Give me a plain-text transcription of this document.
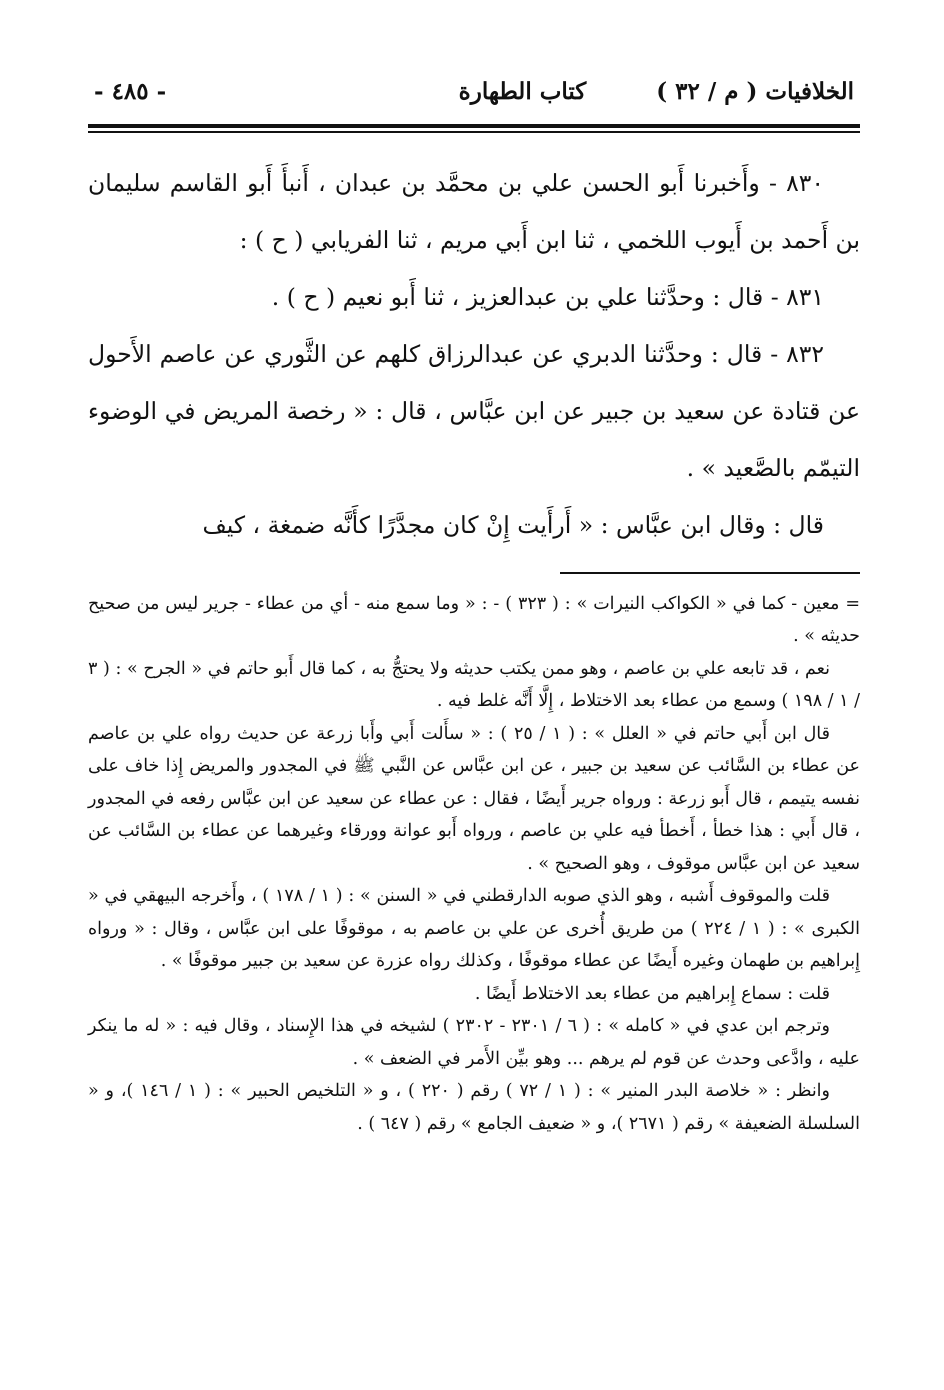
الخلافيات ( م / ٣٢ )
كتاب الطهارة
- ٤٨٥ -

٨٣٠ - وأَخبرنا أَبو الحسن علي بن محمَّد بن عبدان ، أَنبأَ أَبو القاسم سليمان بن أَحمد بن أَيوب اللخمي ، ثنا ابن أَبي مريم ، ثنا الفريابي ( ح ) :

٨٣١ - قال : وحدَّثنا علي بن عبدالعزيز ، ثنا أَبو نعيم ( ح ) .

٨٣٢ - قال : وحدَّثنا الدبري عن عبدالرزاق كلهم عن الثَّوري عن عاصم الأَحول عن قتادة عن سعيد بن جبير عن ابن عبَّاس ، قال : « رخصة المريض في الوضوء التيمّم بالصَّعيد » .

قال : وقال ابن عبَّاس : « أَرأَيت إِنْ كان مجدَّرًا كأَنَّه ضمغة ، كيف

= معين - كما في « الكواكب النيرات » : ( ٣٢٣ ) - : « وما سمع منه - أي من عطاء - جرير ليس من صحيح حديثه » .

نعم ، قد تابعه علي بن عاصم ، وهو ممن يكتب حديثه ولا يحتجُّ به ، كما قال أَبو حاتم في « الجرح » : ( ٣ / ١ / ١٩٨ ) وسمع من عطاء بعد الاختلاط ، إِلَّا أَنَّه غلط فيه .

قال ابن أَبي حاتم في « العلل » : ( ١ / ٢٥ ) : « سأَلت أَبي وأَبا زرعة عن حديث رواه علي بن عاصم عن عطاء بن السَّائب عن سعيد بن جبير ، عن ابن عبَّاس عن النَّبي ﷺ في المجدور والمريض إِذا خاف على نفسه يتيمم ، قال أَبو زرعة : ورواه جرير أَيضًا ، فقال : عن عطاء عن سعيد عن ابن عبَّاس رفعه في المجدور ، قال أَبي : هذا خطأ ، أَخطأ فيه علي بن عاصم ، ورواه أَبو عوانة وورقاء وغيرهما عن عطاء بن السَّائب عن سعيد عن ابن عبَّاس موقوف ، وهو الصحيح » .

قلت والموقوف أَشبه ، وهو الذي صوبه الدارقطني في « السنن » : ( ١ / ١٧٨ ) ، وأَخرجه البيهقي في « الكبرى » : ( ١ / ٢٢٤ ) من طريق أُخرى عن علي بن عاصم به ، موقوفًا على ابن عبَّاس ، وقال : « ورواه إِبراهيم بن طهمان وغيره أَيضًا عن عطاء موقوفًا ، وكذلك رواه عزرة عن سعيد بن جبير موقوفًا » .

قلت : سماع إِبراهيم من عطاء بعد الاختلاط أَيضًا .

وترجم ابن عدي في « كامله » : ( ٦ / ٢٣٠١ - ٢٣٠٢ ) لشيخه في هذا الإِسناد ، وقال فيه : « له ما ينكر عليه ، وادَّعى وحدث عن قوم لم يرهم ... وهو بيِّن الأَمر في الضعف » .

وانظر : « خلاصة البدر المنير » : ( ١ / ٧٢ ) رقم ( ٢٢٠ ) ، و « التلخيص الحبير » : ( ١ / ١٤٦ )، و « السلسلة الضعيفة » رقم ( ٢٦٧١ )، و « ضعيف الجامع » رقم ( ٦٤٧ ) .
